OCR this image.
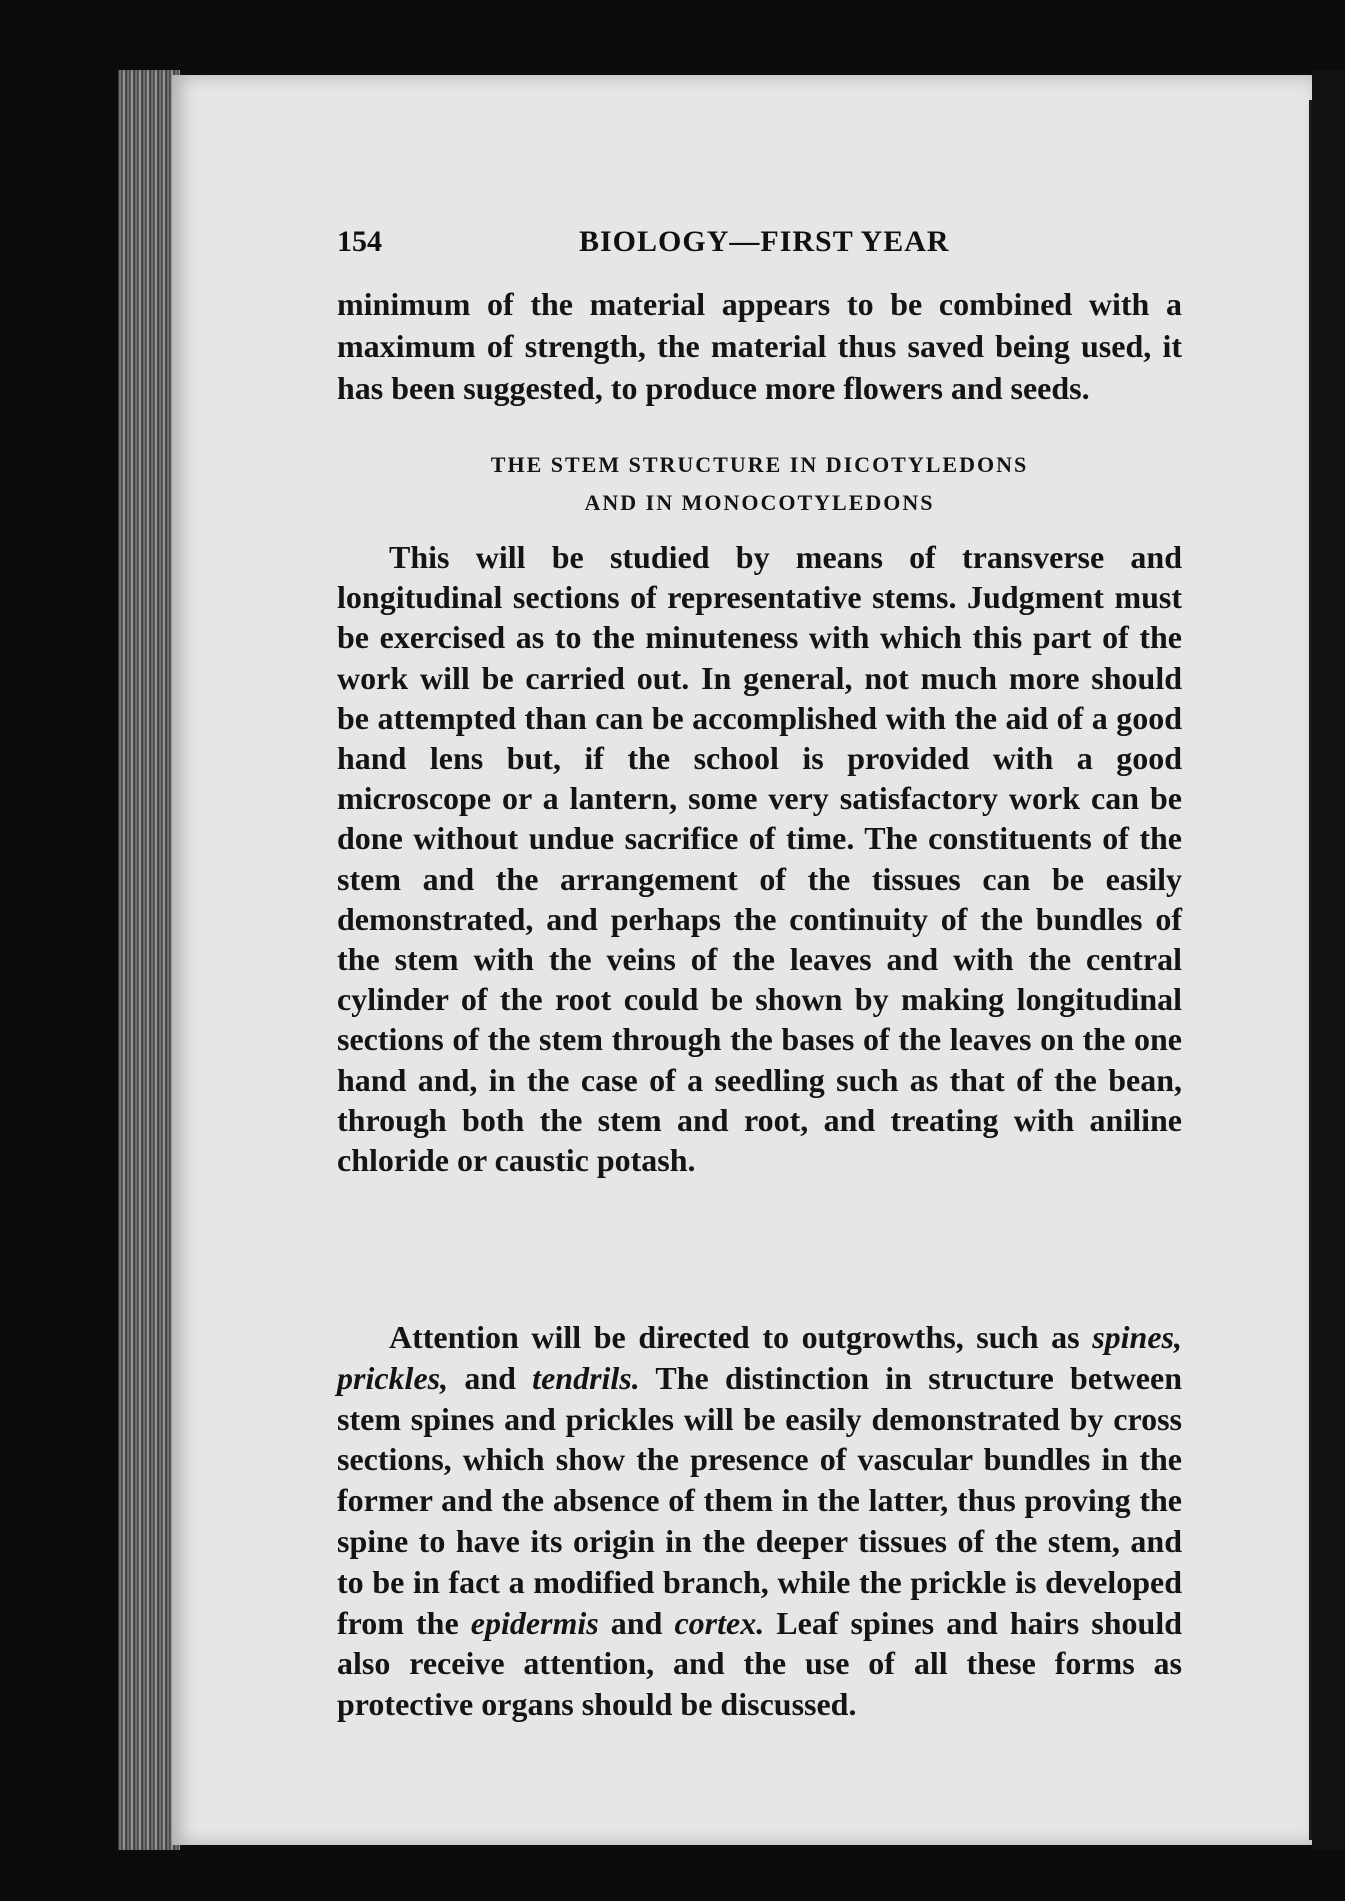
154	BIOLOGY—FIRST YEAR
minimum of the material appears to be combined with a maximum of strength, the material thus saved being used, it has been suggested, to produce more flowers and seeds.
THE STEM STRUCTURE IN DICOTYLEDONS
AND IN MONOCOTYLEDONS
This will be studied by means of transverse and longitudinal sections of representative stems. Judgment must be exercised as to the minuteness with which this part of the work will be carried out. In general, not much more should be attempted than can be accomplished with the aid of a good hand lens but, if the school is provided with a good microscope or a lantern, some very satisfactory work can be done without undue sacrifice of time. The constituents of the stem and the arrangement of the tissues can be easily demonstrated, and perhaps the continuity of the bundles of the stem with the veins of the leaves and with the central cylinder of the root could be shown by making longitudinal sections of the stem through the bases of the leaves on the one hand and, in the case of a seedling such as that of the bean, through both the stem and root, and treating with aniline chloride or caustic potash.
Attention will be directed to outgrowths, such as spines, prickles, and tendrils. The distinction in structure between stem spines and prickles will be easily demonstrated by cross sections, which show the presence of vascular bundles in the former and the absence of them in the latter, thus proving the spine to have its origin in the deeper tissues of the stem, and to be in fact a modified branch, while the prickle is developed from the epidermis and cortex. Leaf spines and hairs should also receive attention, and the use of all these forms as protective organs should be discussed.
